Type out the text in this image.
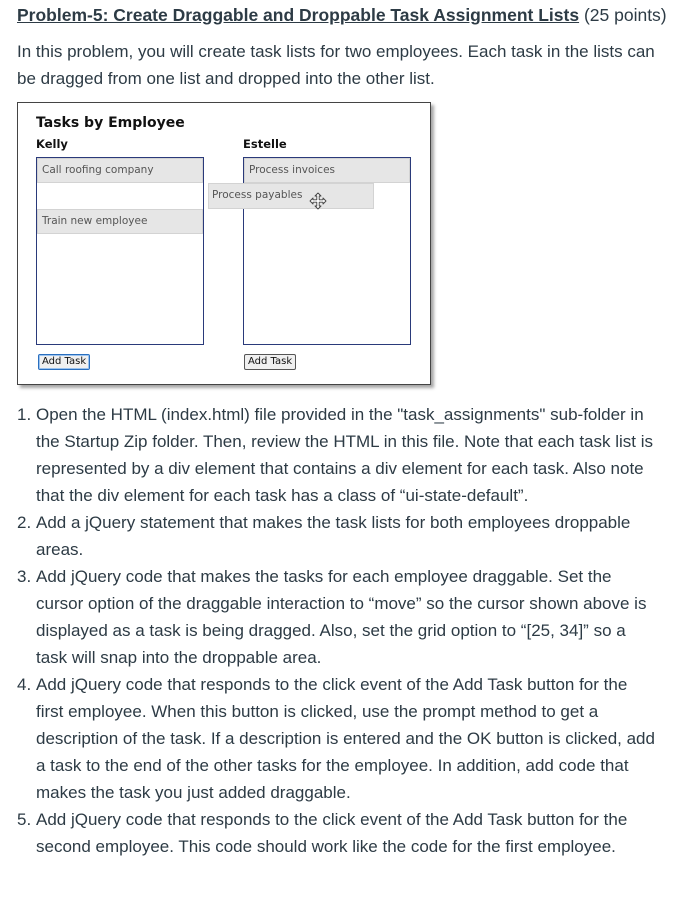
Problem-5: Create Draggable and Droppable Task Assignment Lists (25 points)

In this problem, you will create task lists for two employees. Each task in the lists can be dragged from one list and dropped into the other list.

Tasks by Employee
Kelly	Estelle
Call roofing company
Train new employee
Process invoices
Process payables
Add Task	Add Task
1. Open the HTML (index.html) file provided in the "task_assignments" sub-folder in the Startup Zip folder. Then, review the HTML in this file. Note that each task list is represented by a div element that contains a div element for each task. Also note that the div element for each task has a class of “ui-state-default”.
2. Add a jQuery statement that makes the task lists for both employees droppable areas.
3. Add jQuery code that makes the tasks for each employee draggable. Set the cursor option of the draggable interaction to “move” so the cursor shown above is displayed as a task is being dragged. Also, set the grid option to “[25, 34]” so a task will snap into the droppable area.
4. Add jQuery code that responds to the click event of the Add Task button for the first employee. When this button is clicked, use the prompt method to get a description of the task. If a description is entered and the OK button is clicked, add a task to the end of the other tasks for the employee. In addition, add code that makes the task you just added draggable.
5. Add jQuery code that responds to the click event of the Add Task button for the second employee. This code should work like the code for the first employee.
